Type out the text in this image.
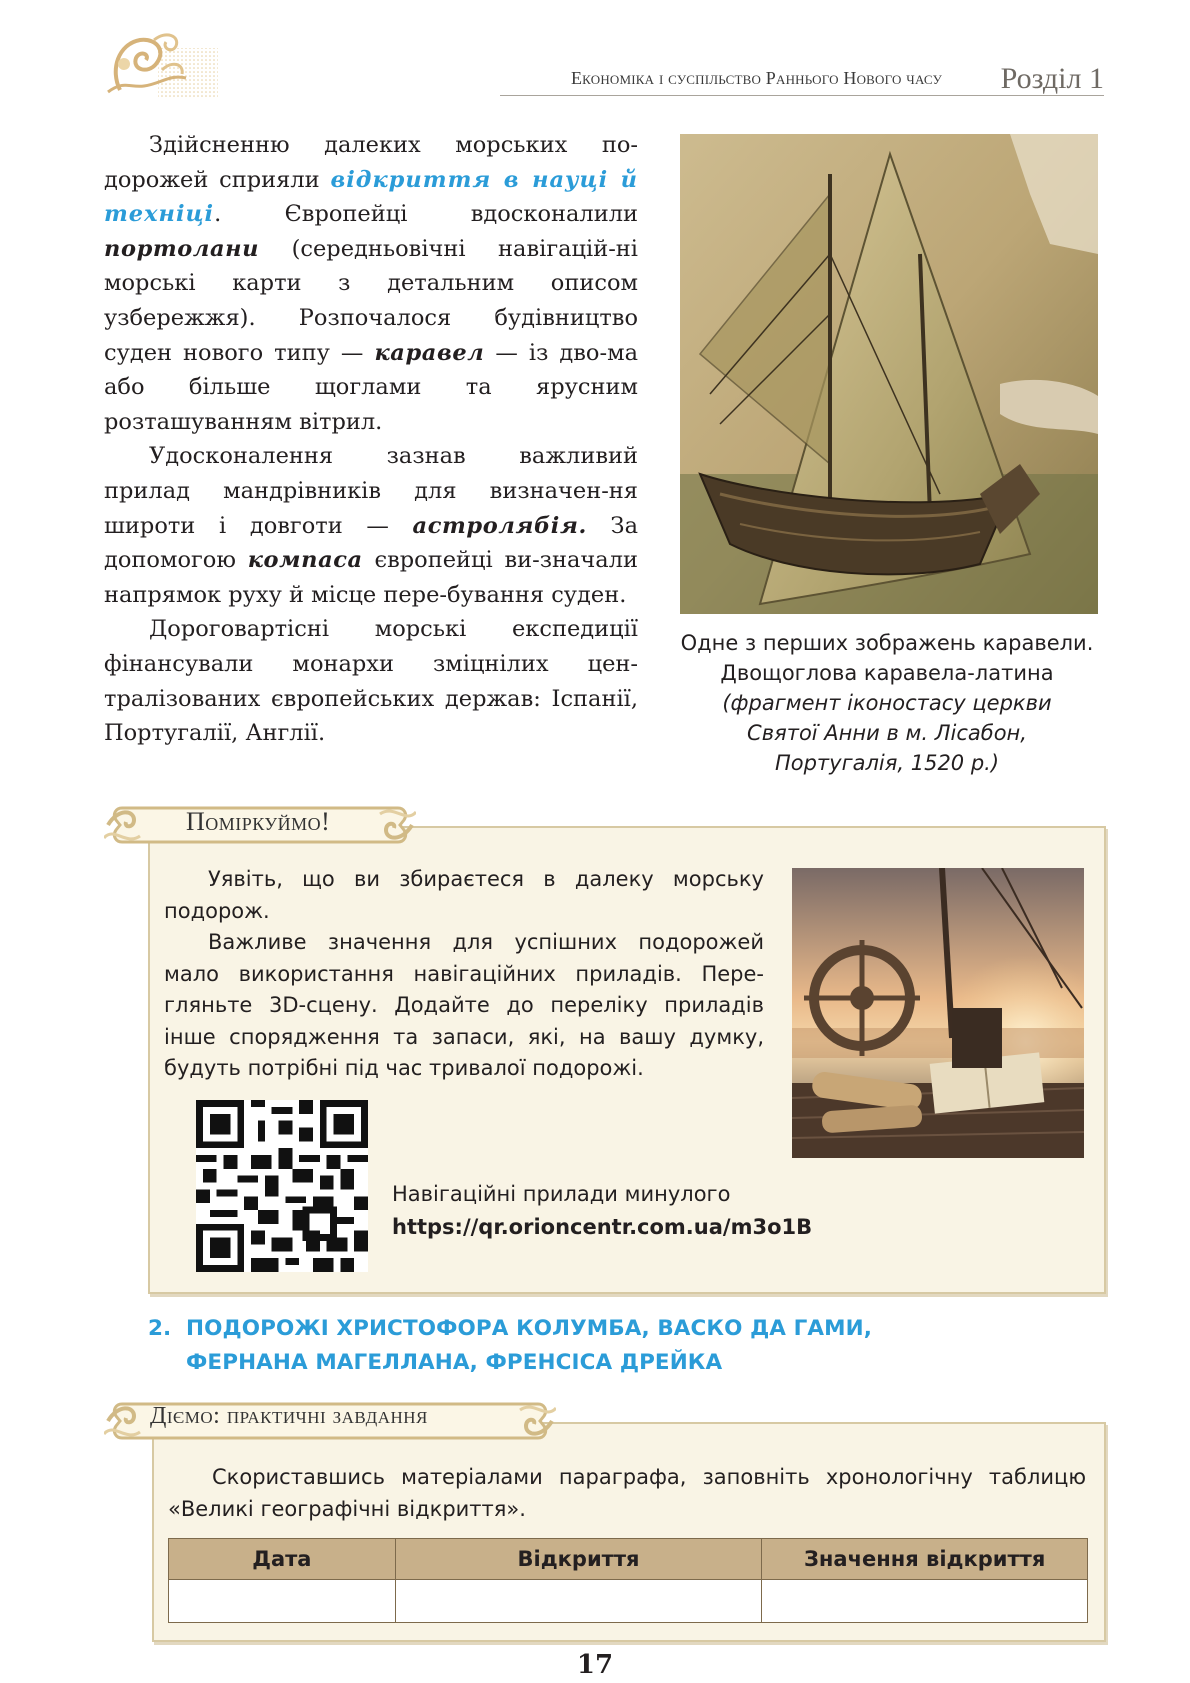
Економіка і суспільство Раннього Нового часу	Розділ 1

Здійсненню далеких морських по-дорожей сприяли відкриття в науці й техніці. Європейці вдосконалили портолани (середньовічні навігацій-ні морські карти з детальним описом узбережжя). Розпочалося будівництво суден нового типу — каравел — із дво-ма або більше щоглами та ярусним розташуванням вітрил.

Удосконалення зазнав важливий прилад мандрівників для визначен-ня широти і довготи — астролябія. За допомогою компаса європейці ви-значали напрямок руху й місце пере-бування суден.

Дороговартісні морські експедиції фінансували монархи зміцнілих цен-тралізованих європейських держав: Іспанії, Португалії, Англії.

Одне з перших зображень каравели.
Двощоглова каравела-латина
(фрагмент іконостасу церкви
Святої Анни в м. Лісабон,
Португалія, 1520 р.)
Поміркуймо!

Уявіть, що ви збираєтеся в далеку морську подорож.

Важливе значення для успішних подорожей мало використання навігаційних приладів. Пере-гляньте 3D-сцену. Додайте до переліку приладів інше спорядження та запаси, які, на вашу думку, будуть потрібні під час тривалої подорожі.

Навігаційні прилади минулого
https://qr.orioncentr.com.ua/m3o1B
2. ПОДОРОЖІ ХРИСТОФОРА КОЛУМБА, ВАСКО ДА ГАМИ,
ФЕРНАНА МАГЕЛЛАНА, ФРЕНСІСА ДРЕЙКА
Діємо: практичні завдання

Скориставшись матеріалами параграфа, заповніть хронологічну таблицю «Великі географічні відкриття».

Дата	Відкриття	Значення відкриття

17
